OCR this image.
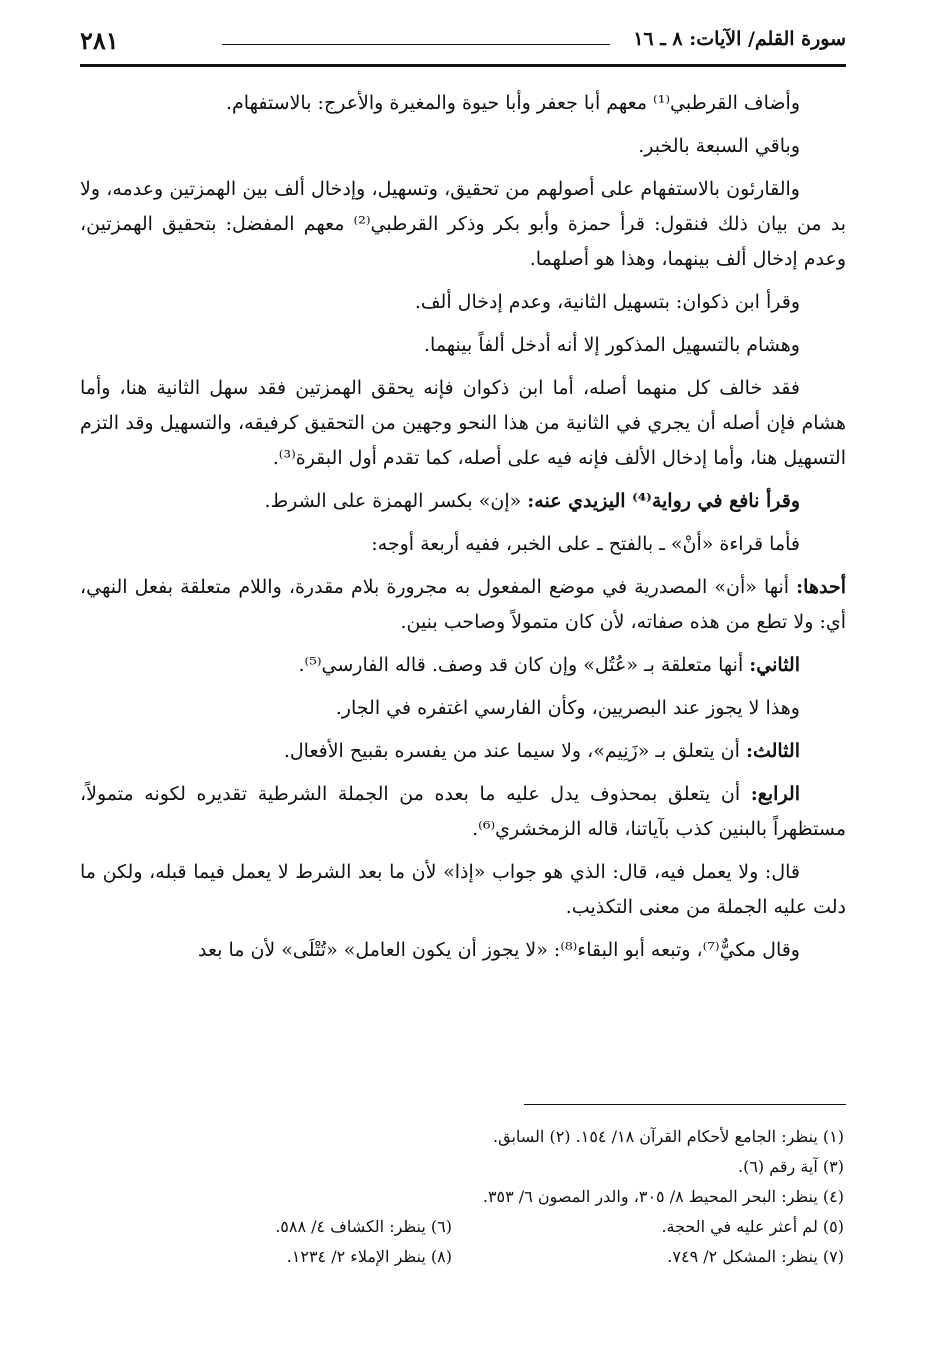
سورة القلم/ الآيات: ٨ ـ ١٦
٢٨١

وأضاف القرطبي⁽¹⁾ معهم أبا جعفر وأبا حيوة والمغيرة والأعرج: بالاستفهام.

وباقي السبعة بالخبر.

والقارئون بالاستفهام على أصولهم من تحقيق، وتسهيل، وإدخال ألف بين الهمزتين وعدمه، ولا بد من بيان ذلك فنقول: قرأ حمزة وأبو بكر وذكر القرطبي⁽²⁾ معهم المفضل: بتحقيق الهمزتين، وعدم إدخال ألف بينهما، وهذا هو أصلهما.

وقرأ ابن ذكوان: بتسهيل الثانية، وعدم إدخال ألف.

وهشام بالتسهيل المذكور إلا أنه أدخل ألفاً بينهما.

فقد خالف كل منهما أصله، أما ابن ذكوان فإنه يحقق الهمزتين فقد سهل الثانية هنا، وأما هشام فإن أصله أن يجري في الثانية من هذا النحو وجهين من التحقيق كرفيقه، والتسهيل وقد التزم التسهيل هنا، وأما إدخال الألف فإنه فيه على أصله، كما تقدم أول البقرة⁽³⁾.

وقرأ نافع في رواية⁽⁴⁾ اليزيدي عنه: «إن» بكسر الهمزة على الشرط.

فأما قراءة «أنْ» ـ بالفتح ـ على الخبر، ففيه أربعة أوجه:

أحدها: أنها «أن» المصدرية في موضع المفعول به مجرورة بلام مقدرة، واللام متعلقة بفعل النهي، أي: ولا تطع من هذه صفاته، لأن كان متمولاً وصاحب بنين.

الثاني: أنها متعلقة بـ «عُتُل» وإن كان قد وصف. قاله الفارسي⁽⁵⁾.

وهذا لا يجوز عند البصريين، وكأن الفارسي اغتفره في الجار.

الثالث: أن يتعلق بـ «زَنِيم»، ولا سيما عند من يفسره بقبيح الأفعال.

الرابع: أن يتعلق بمحذوف يدل عليه ما بعده من الجملة الشرطية تقديره لكونه متمولاً، مستظهراً بالبنين كذب بآياتنا، قاله الزمخشري⁽⁶⁾.

قال: ولا يعمل فيه، قال: الذي هو جواب «إذا» لأن ما بعد الشرط لا يعمل فيما قبله، ولكن ما دلت عليه الجملة من معنى التكذيب.

وقال مكيٌّ⁽⁷⁾، وتبعه أبو البقاء⁽⁸⁾: «لا يجوز أن يكون العامل» «تُتْلَى» لأن ما بعد

(١) ينظر: الجامع لأحكام القرآن ١٨/ ١٥٤. (٢) السابق.
(٣) آية رقم (٦).
(٤) ينظر: البحر المحيط ٨/ ٣٠٥، والدر المصون ٦/ ٣٥٣.
(٥) لم أعثر عليه في الحجة.
(٦) ينظر: الكشاف ٤/ ٥٨٨.
(٧) ينظر: المشكل ٢/ ٧٤٩.
(٨) ينظر الإملاء ٢/ ١٢٣٤.
